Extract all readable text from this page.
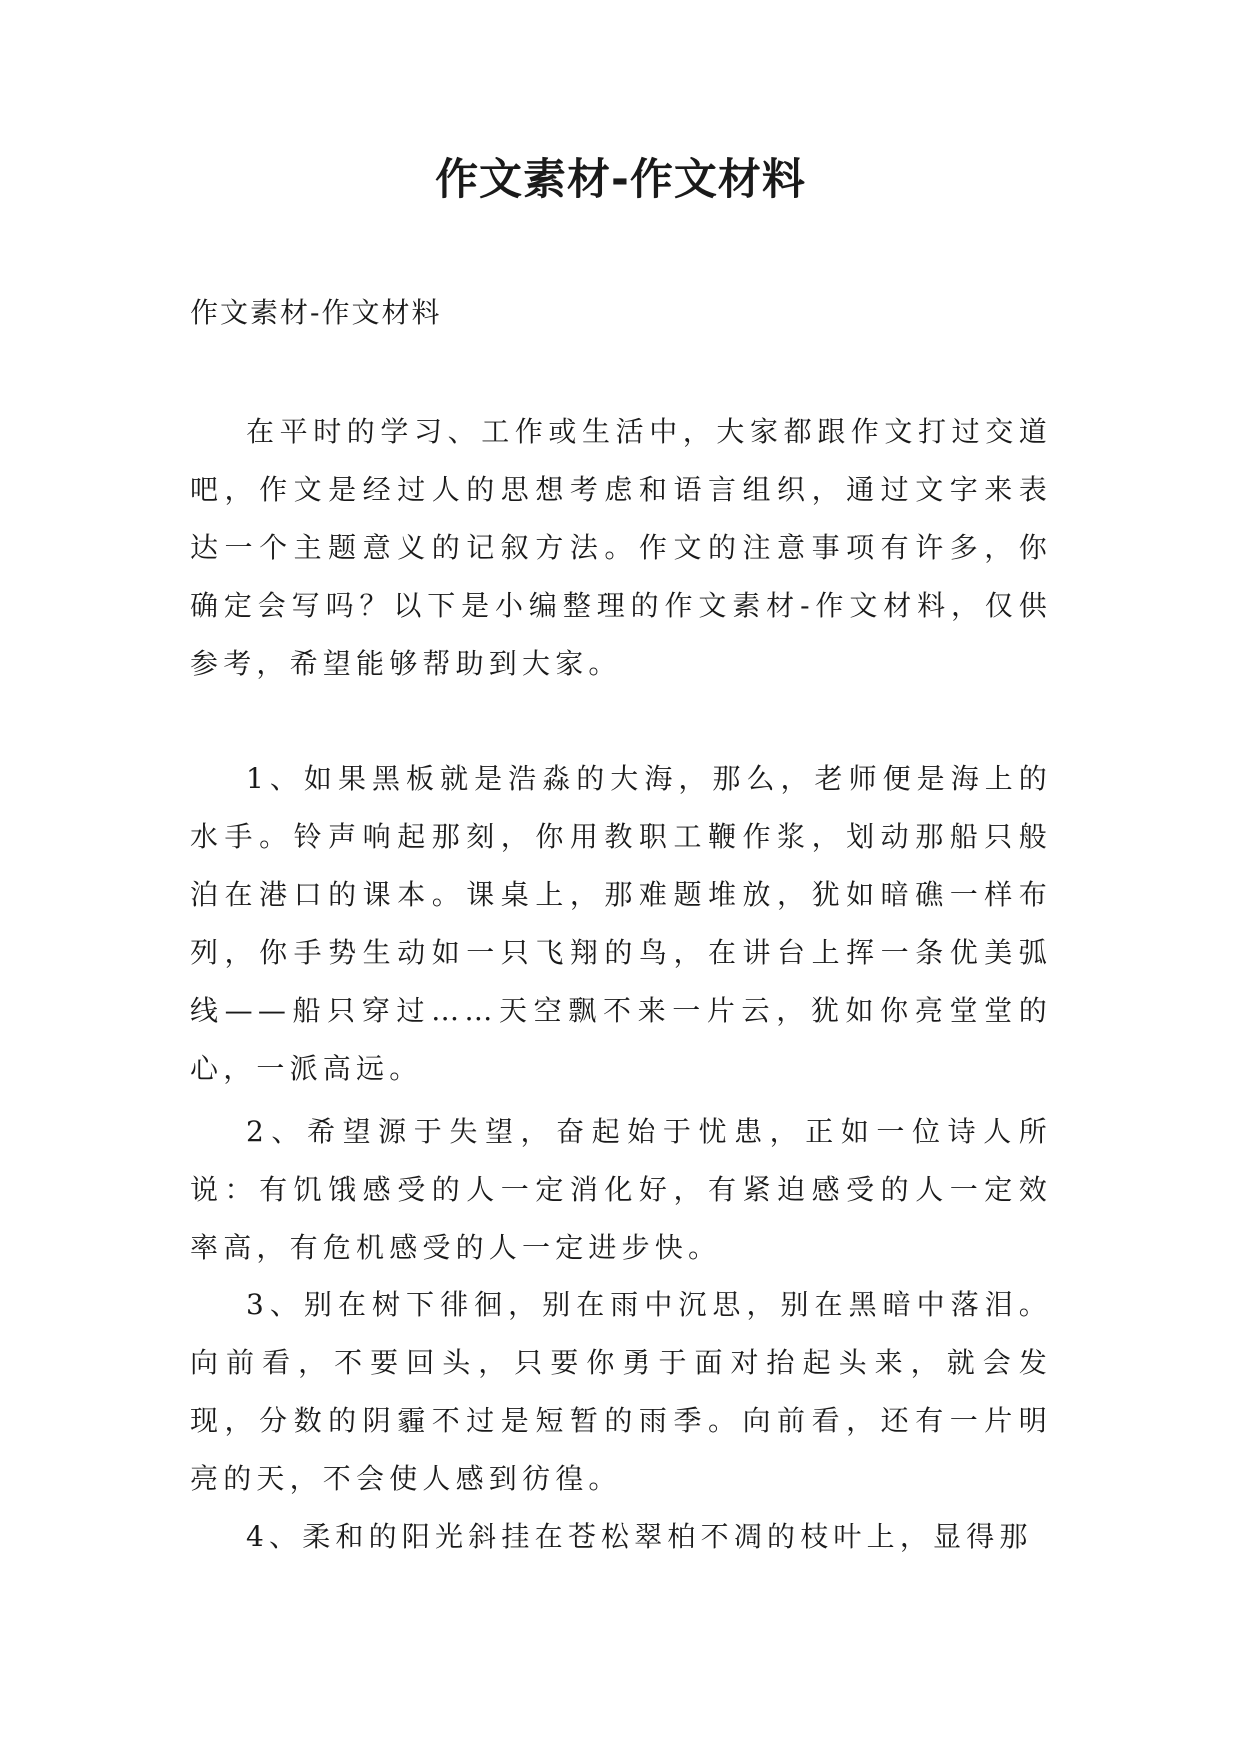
作文素材-作文材料

作文素材-作文材料

在平时的学习、工作或生活中，大家都跟作文打过交道吧，作文是经过人的思想考虑和语言组织，通过文字来表达一个主题意义的记叙方法。作文的注意事项有许多，你确定会写吗？以下是小编整理的作文素材-作文材料，仅供参考，希望能够帮助到大家。

1、如果黑板就是浩淼的大海，那么，老师便是海上的水手。铃声响起那刻，你用教职工鞭作浆，划动那船只般泊在港口的课本。课桌上，那难题堆放，犹如暗礁一样布列，你手势生动如一只飞翔的鸟，在讲台上挥一条优美弧线——船只穿过……天空飘不来一片云，犹如你亮堂堂的心，一派高远。

2、希望源于失望，奋起始于忧患，正如一位诗人所说：有饥饿感受的人一定消化好，有紧迫感受的人一定效率高，有危机感受的人一定进步快。

3、别在树下徘徊，别在雨中沉思，别在黑暗中落泪。向前看，不要回头，只要你勇于面对抬起头来，就会发现，分数的阴霾不过是短暂的雨季。向前看，还有一片明亮的天，不会使人感到彷徨。

4、柔和的阳光斜挂在苍松翠柏不凋的枝叶上，显得那
